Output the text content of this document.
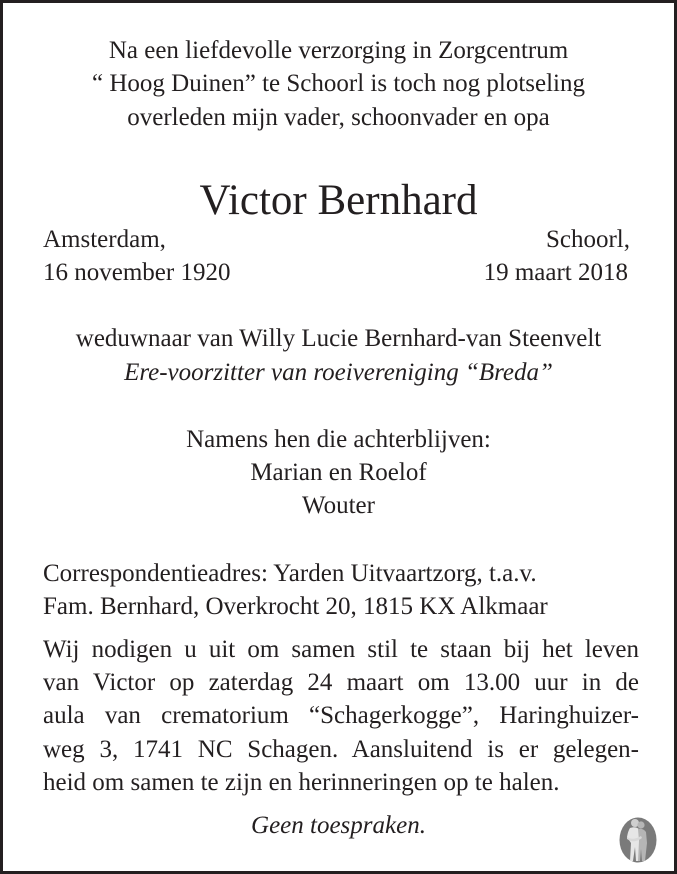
Na een liefdevolle verzorging in Zorgcentrum
“ Hoog Duinen” te Schoorl is toch nog plotseling
overleden mijn vader, schoonvader en opa
Victor Bernhard
Amsterdam,	Schoorl,
16 november 1920	19 maart 2018
weduwnaar van Willy Lucie Bernhard-van Steenvelt
Ere-voorzitter van roeivereniging “Breda”
Namens hen die achterblijven:
Marian en Roelof
Wouter
Correspondentieadres: Yarden Uitvaartzorg, t.a.v.
Fam. Bernhard, Overkrocht 20, 1815 KX Alkmaar
Wij nodigen u uit om samen stil te staan bij het leven
van Victor op zaterdag 24 maart om 13.00 uur in de
aula van crematorium “Schagerkogge”, Haringhuizer-
weg 3, 1741 NC Schagen. Aansluitend is er gelegen-
heid om samen te zijn en herinneringen op te halen.
Geen toespraken.
